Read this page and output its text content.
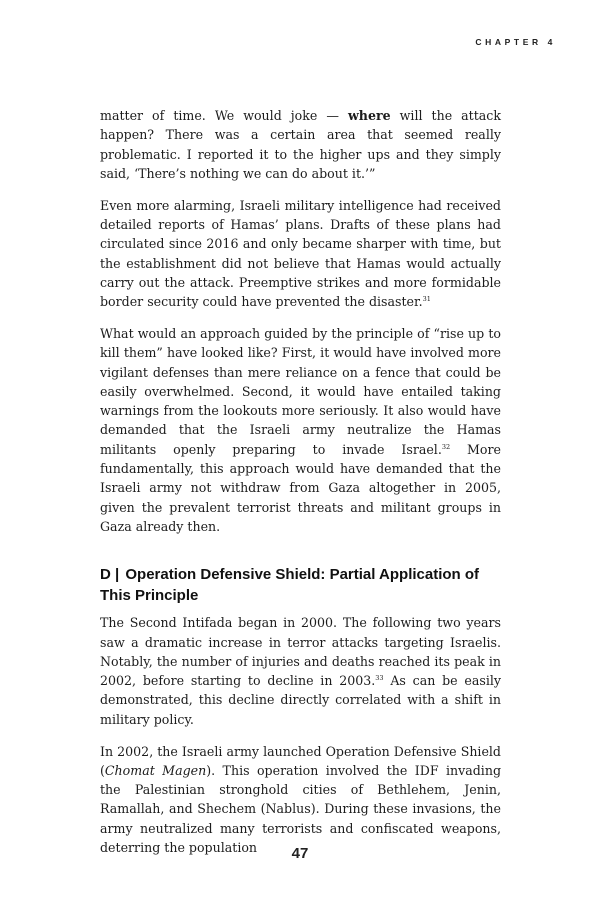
CHAPTER 4

matter of time. We would joke — where will the attack happen? There was a certain area that seemed really problematic. I reported it to the higher ups and they simply said, ‘There’s nothing we can do about it.’”

Even more alarming, Israeli military intelligence had received detailed reports of Hamas’ plans. Drafts of these plans had circulated since 2016 and only became sharper with time, but the establishment did not believe that Hamas would actually carry out the attack. Preemptive strikes and more formidable border security could have prevented the disaster.$^{31}$

What would an approach guided by the principle of “rise up to kill them” have looked like? First, it would have involved more vigilant defenses than mere reliance on a fence that could be easily overwhelmed. Second, it would have entailed taking warnings from the lookouts more seriously. It also would have demanded that the Israeli army neutralize the Hamas militants openly preparing to invade Israel.$^{32}$ More fundamentally, this approach would have demanded that the Israeli army not withdraw from Gaza altogether in 2005, given the prevalent terrorist threats and militant groups in Gaza already then.

D | Operation Defensive Shield: Partial Application of This Principle

The Second Intifada began in 2000. The following two years saw a dramatic increase in terror attacks targeting Israelis. Notably, the number of injuries and deaths reached its peak in 2002, before starting to decline in 2003.33 As can be easily demonstrated, this decline directly correlated with a shift in military policy.

In 2002, the Israeli army launched Operation Defensive Shield (Chomat Magen). This operation involved the IDF invading the Palestinian stronghold cities of Bethlehem, Jenin, Ramallah, and Shechem (Nablus). During these invasions, the army neutralized many terrorists and confiscated weapons, deterring the population	47
